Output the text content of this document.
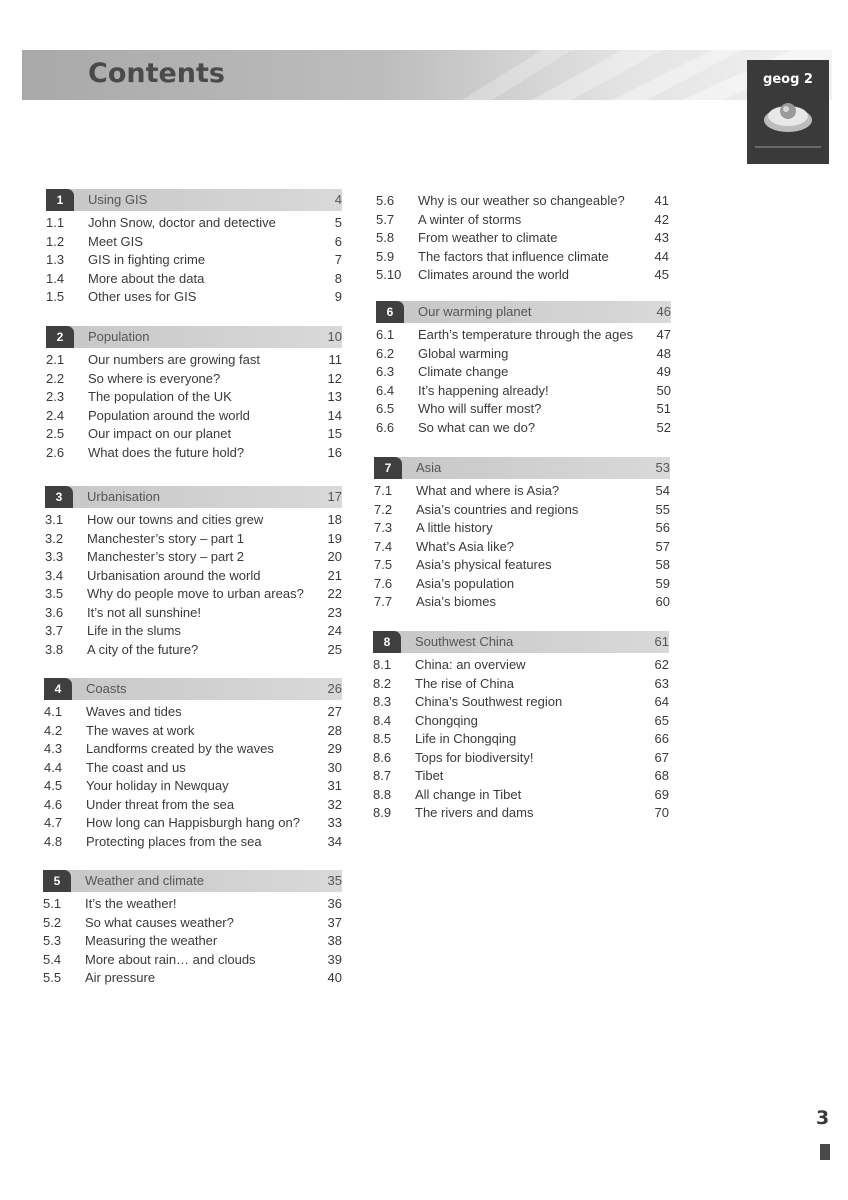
Contents	geog 2
1	Using GIS	4
1.1 John Snow, doctor and detective	5
1.2 Meet GIS	6
1.3 GIS in fighting crime	7
1.4 More about the data	8
1.5 Other uses for GIS	9
2	Population	10
2.1 Our numbers are growing fast	11
2.2 So where is everyone?	12
2.3 The population of the UK	13
2.4 Population around the world	14
2.5 Our impact on our planet	15
2.6 What does the future hold?	16
3	Urbanisation	17
3.1 How our towns and cities grew	18
3.2 Manchester’s story – part 1	19
3.3 Manchester’s story – part 2	20
3.4 Urbanisation around the world	21
3.5 Why do people move to urban areas? 22
3.6 It’s not all sunshine!	23
3.7 Life in the slums	24
3.8 A city of the future?	25
4	Coasts	26
4.1 Waves and tides	27
4.2 The waves at work	28
4.3 Landforms created by the waves	29
4.4 The coast and us	30
4.5 Your holiday in Newquay	31
4.6 Under threat from the sea	32
4.7 How long can Happisburgh hang on? 33
4.8 Protecting places from the sea	34
5	Weather and climate	35
5.1 It’s the weather!	36
5.2 So what causes weather?	37
5.3 Measuring the weather	38
5.4 More about rain… and clouds	39
5.5 Air pressure	40
5.6 Why is our weather so changeable? 41
5.7 A winter of storms	42
5.8 From weather to climate	43
5.9 The factors that influence climate	44
5.10 Climates around the world	45
6	Our warming planet	46
6.1 Earth’s temperature through the ages 47
6.2 Global warming	48
6.3 Climate change	49
6.4 It’s happening already!	50
6.5 Who will suffer most?	51
6.6 So what can we do?	52
7	Asia	53
7.1 What and where is Asia?	54
7.2 Asia’s countries and regions	55
7.3 A little history	56
7.4 What’s Asia like?	57
7.5 Asia’s physical features	58
7.6 Asia’s population	59
7.7 Asia’s biomes	60
8	Southwest China	61
8.1 China: an overview	62
8.2 The rise of China	63
8.3 China’s Southwest region	64
8.4 Chongqing	65
8.5 Life in Chongqing	66
8.6 Tops for biodiversity!	67
8.7 Tibet	68
8.8 All change in Tibet	69
8.9 The rivers and dams	70
3
